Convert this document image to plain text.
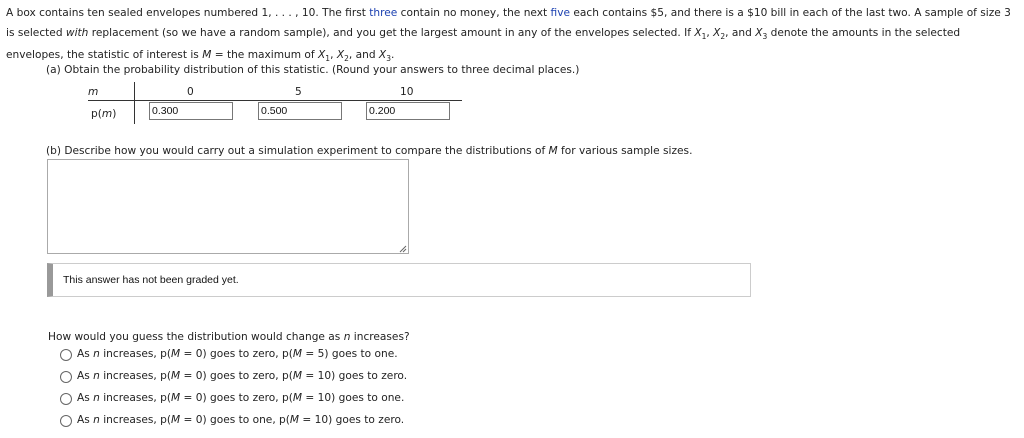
A box contains ten sealed envelopes numbered 1, . . . , 10. The first three contain no money, the next five each contains $5, and there is a $10 bill in each of the last two. A sample of size 3 is selected with replacement (so we have a random sample), and you get the largest amount in any of the envelopes selected. If $X_1$, $X_2$, and $X_3$ denote the amounts in the selected envelopes, the statistic of interest is M = the maximum of $X_1$, $X_2$, and $X_3$.
(a) Obtain the probability distribution of this statistic. (Round your answers to three decimal places.)
m	0	5	10
p(m)	0.300	0.500	0.200
(b) Describe how you would carry out a simulation experiment to compare the distributions of M for various sample sizes.
This answer has not been graded yet.
How would you guess the distribution would change as n increases?
As n increases, p(M = 0) goes to zero, p(M = 5) goes to one.
As n increases, p(M = 0) goes to zero, p(M = 10) goes to zero.
As n increases, p(M = 0) goes to zero, p(M = 10) goes to one.
As n increases, p(M = 0) goes to one, p(M = 10) goes to zero.
